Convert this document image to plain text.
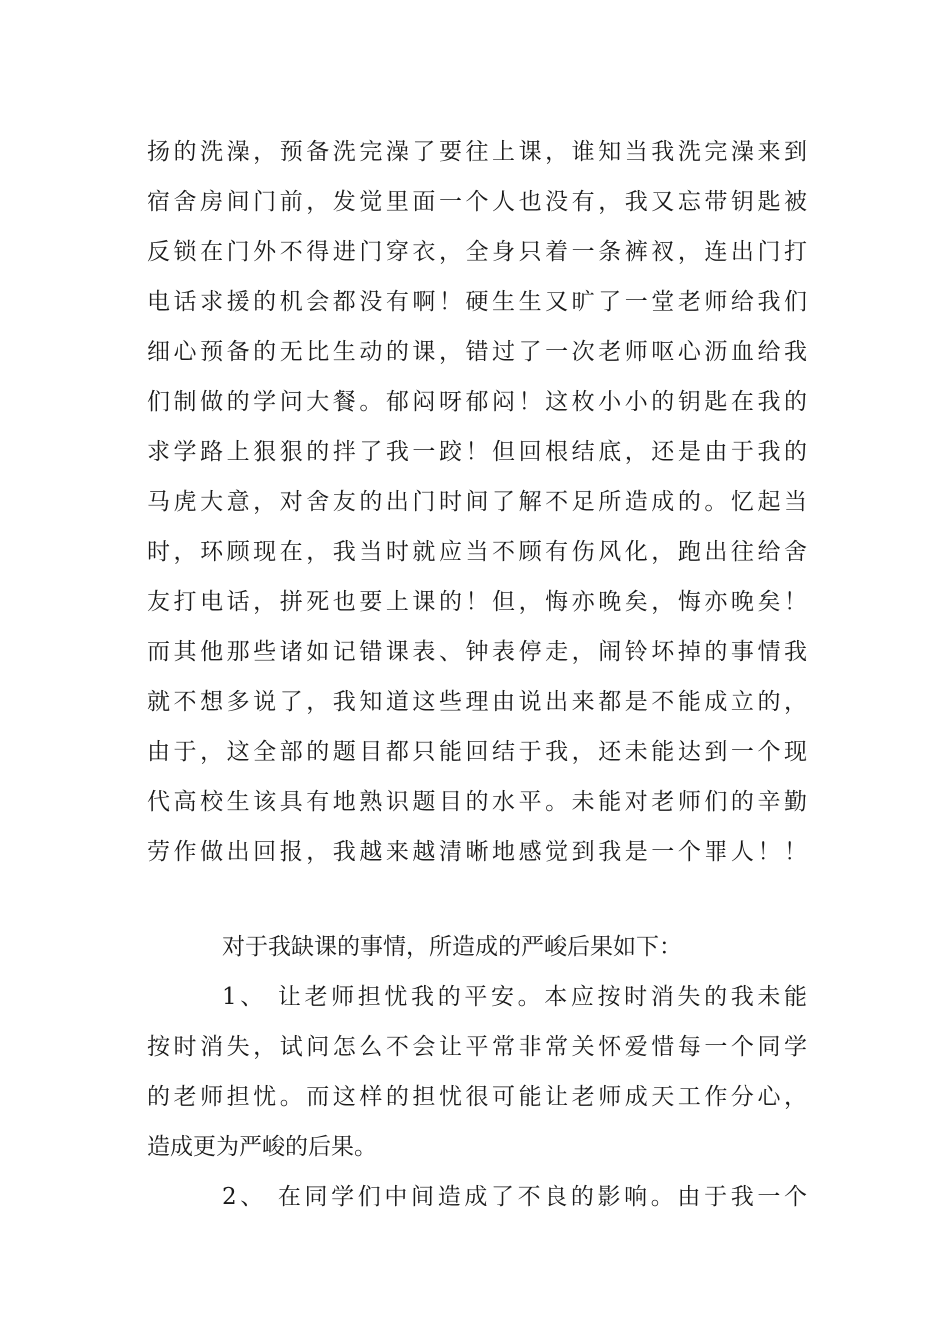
扬的洗澡，预备洗完澡了要往上课，谁知当我洗完澡来到
宿舍房间门前，发觉里面一个人也没有，我又忘带钥匙被
反锁在门外不得进门穿衣，全身只着一条裤衩，连出门打
电话求援的机会都没有啊！硬生生又旷了一堂老师给我们
细心预备的无比生动的课，错过了一次老师呕心沥血给我
们制做的学问大餐。郁闷呀郁闷！这枚小小的钥匙在我的
求学路上狠狠的拌了我一跤！但回根结底，还是由于我的
马虎大意，对舍友的出门时间了解不足所造成的。忆起当
时，环顾现在，我当时就应当不顾有伤风化，跑出往给舍
友打电话，拼死也要上课的！但，悔亦晚矣，悔亦晚矣！
而其他那些诸如记错课表、钟表停走，闹铃坏掉的事情我
就不想多说了，我知道这些理由说出来都是不能成立的，
由于，这全部的题目都只能回结于我，还未能达到一个现
代高校生该具有地熟识题目的水平。未能对老师们的辛勤
劳作做出回报，我越来越清晰地感觉到我是一个罪人！！
对于我缺课的事情，所造成的严峻后果如下：
1、 让老师担忧我的平安。本应按时消失的我未能
按时消失，试问怎么不会让平常非常关怀爱惜每一个同学
的老师担忧。而这样的担忧很可能让老师成天工作分心，
造成更为严峻的后果。
2、 在同学们中间造成了不良的影响。由于我一个
